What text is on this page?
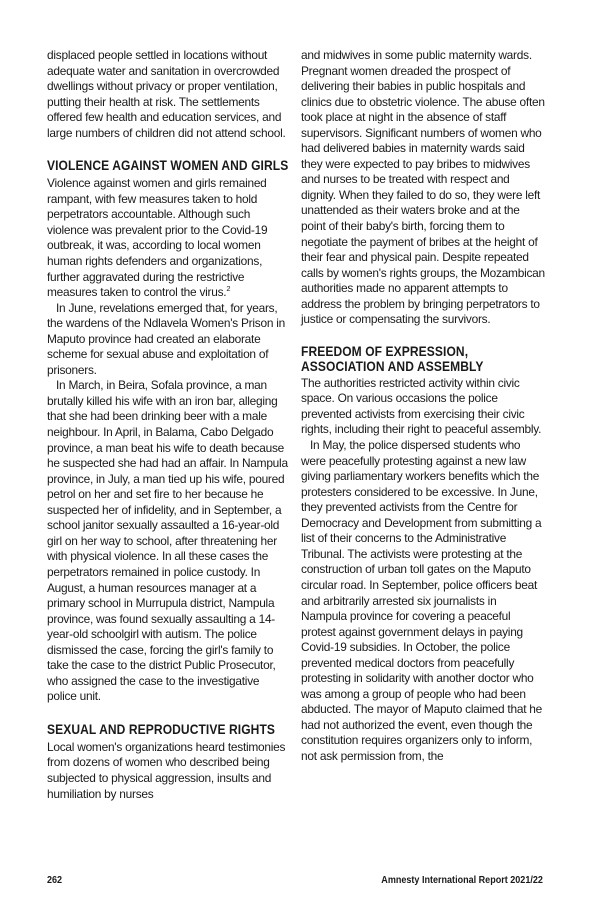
displaced people settled in locations without adequate water and sanitation in overcrowded dwellings without privacy or proper ventilation, putting their health at risk. The settlements offered few health and education services, and large numbers of children did not attend school.

VIOLENCE AGAINST WOMEN AND GIRLS

Violence against women and girls remained rampant, with few measures taken to hold perpetrators accountable. Although such violence was prevalent prior to the Covid-19 outbreak, it was, according to local women human rights defenders and organizations, further aggravated during the restrictive measures taken to control the virus.$^2$

In June, revelations emerged that, for years, the wardens of the Ndlavela Women's Prison in Maputo province had created an elaborate scheme for sexual abuse and exploitation of prisoners.

In March, in Beira, Sofala province, a man brutally killed his wife with an iron bar, alleging that she had been drinking beer with a male neighbour. In April, in Balama, Cabo Delgado province, a man beat his wife to death because he suspected she had had an affair. In Nampula province, in July, a man tied up his wife, poured petrol on her and set fire to her because he suspected her of infidelity, and in September, a school janitor sexually assaulted a 16-year-old girl on her way to school, after threatening her with physical violence. In all these cases the perpetrators remained in police custody. In August, a human resources manager at a primary school in Murrupula district, Nampula province, was found sexually assaulting a 14-year-old schoolgirl with autism. The police dismissed the case, forcing the girl's family to take the case to the district Public Prosecutor, who assigned the case to the investigative police unit.

SEXUAL AND REPRODUCTIVE RIGHTS

Local women's organizations heard testimonies from dozens of women who described being subjected to physical aggression, insults and humiliation by nurses

and midwives in some public maternity wards. Pregnant women dreaded the prospect of delivering their babies in public hospitals and clinics due to obstetric violence. The abuse often took place at night in the absence of staff supervisors. Significant numbers of women who had delivered babies in maternity wards said they were expected to pay bribes to midwives and nurses to be treated with respect and dignity. When they failed to do so, they were left unattended as their waters broke and at the point of their baby's birth, forcing them to negotiate the payment of bribes at the height of their fear and physical pain. Despite repeated calls by women's rights groups, the Mozambican authorities made no apparent attempts to address the problem by bringing perpetrators to justice or compensating the survivors.

FREEDOM OF EXPRESSION,
ASSOCIATION AND ASSEMBLY

The authorities restricted activity within civic space. On various occasions the police prevented activists from exercising their civic rights, including their right to peaceful assembly.

In May, the police dispersed students who were peacefully protesting against a new law giving parliamentary workers benefits which the protesters considered to be excessive. In June, they prevented activists from the Centre for Democracy and Development from submitting a list of their concerns to the Administrative Tribunal. The activists were protesting at the construction of urban toll gates on the Maputo circular road. In September, police officers beat and arbitrarily arrested six journalists in Nampula province for covering a peaceful protest against government delays in paying Covid-19 subsidies. In October, the police prevented medical doctors from peacefully protesting in solidarity with another doctor who was among a group of people who had been abducted. The mayor of Maputo claimed that he had not authorized the event, even though the constitution requires organizers only to inform, not ask permission from, the

262	Amnesty International Report 2021/22
